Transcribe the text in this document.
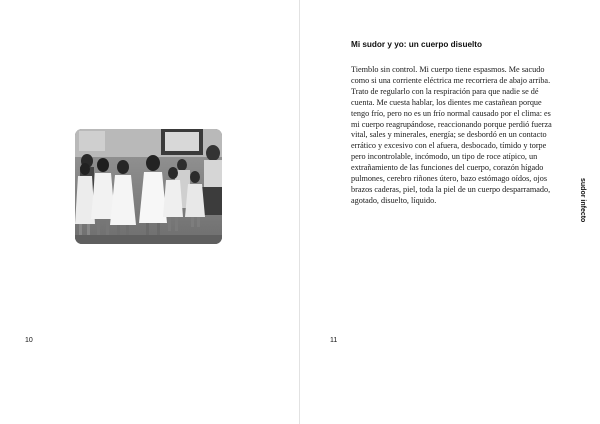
10
Mi sudor y yo: un cuerpo disuelto

Tiemblo sin control. Mi cuerpo tiene espasmos. Me sacudo como si una corriente eléctrica me recorriera de abajo arriba. Trato de regularlo con la respiración para que nadie se dé cuenta. Me cuesta hablar, los dientes me castañean porque tengo frío, pero no es un frío normal causado por el clima: es mi cuerpo reagrupándose, reaccionando porque perdió fuerza vital, sales y minerales, energía; se desbordó en un contacto errático y excesivo con el afuera, desbocado, tímido y torpe pero incontrolable, incómodo, un tipo de roce atípico, un extrañamiento de las funciones del cuerpo, corazón hígado pulmones, cerebro riñones útero, bazo estómago oídos, ojos brazos caderas, piel, toda la piel de un cuerpo desparramado, agotado, disuelto, líquido.

11
sudor infecto
